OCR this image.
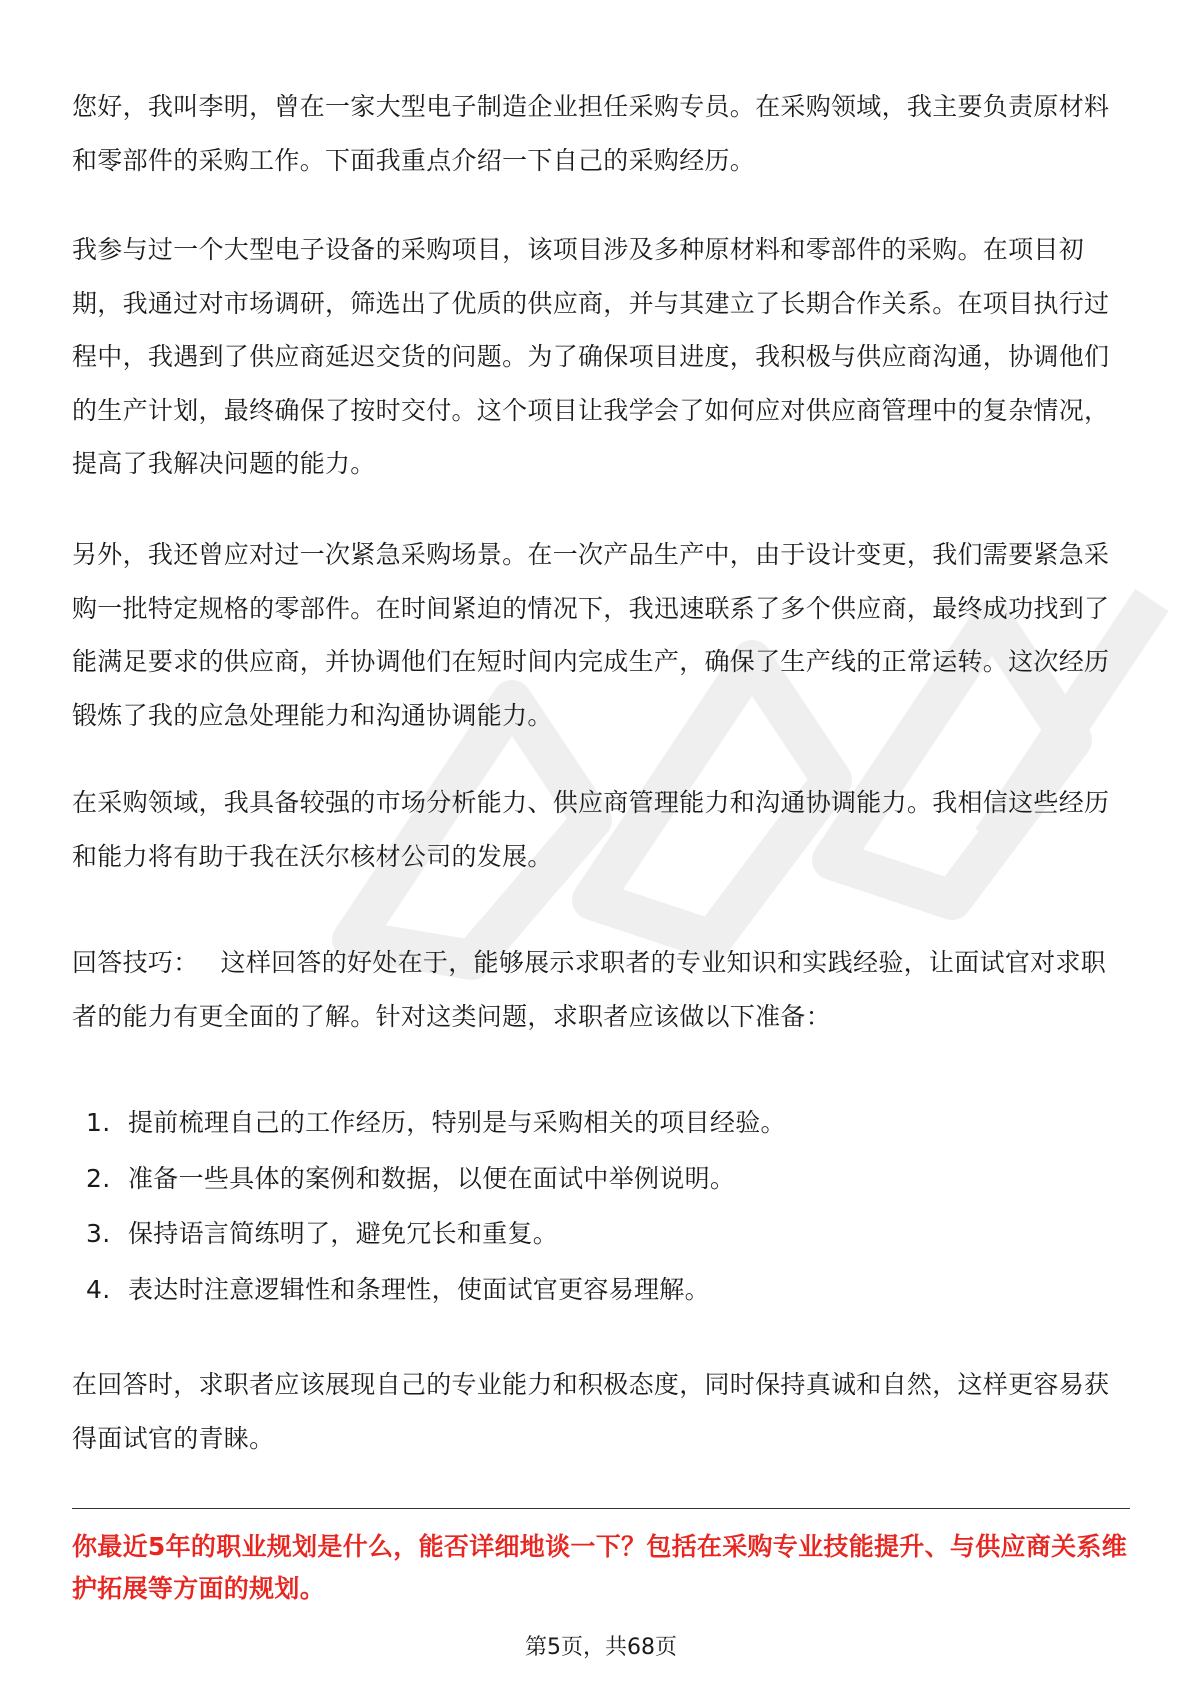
您好，我叫李明，曾在一家大型电子制造企业担任采购专员。在采购领域，我主要负责原材料和零部件的采购工作。下面我重点介绍一下自己的采购经历。

我参与过一个大型电子设备的采购项目，该项目涉及多种原材料和零部件的采购。在项目初期，我通过对市场调研，筛选出了优质的供应商，并与其建立了长期合作关系。在项目执行过程中，我遇到了供应商延迟交货的问题。为了确保项目进度，我积极与供应商沟通，协调他们的生产计划，最终确保了按时交付。这个项目让我学会了如何应对供应商管理中的复杂情况，提高了我解决问题的能力。

另外，我还曾应对过一次紧急采购场景。在一次产品生产中，由于设计变更，我们需要紧急采购一批特定规格的零部件。在时间紧迫的情况下，我迅速联系了多个供应商，最终成功找到了能满足要求的供应商，并协调他们在短时间内完成生产，确保了生产线的正常运转。这次经历锻炼了我的应急处理能力和沟通协调能力。

在采购领域，我具备较强的市场分析能力、供应商管理能力和沟通协调能力。我相信这些经历和能力将有助于我在沃尔核材公司的发展。

回答技巧： 这样回答的好处在于，能够展示求职者的专业知识和实践经验，让面试官对求职者的能力有更全面的了解。针对这类问题，求职者应该做以下准备：

1. 提前梳理自己的工作经历，特别是与采购相关的项目经验。
2. 准备一些具体的案例和数据，以便在面试中举例说明。
3. 保持语言简练明了，避免冗长和重复。
4. 表达时注意逻辑性和条理性，使面试官更容易理解。

在回答时，求职者应该展现自己的专业能力和积极态度，同时保持真诚和自然，这样更容易获得面试官的青睐。

你最近5年的职业规划是什么，能否详细地谈一下？包括在采购专业技能提升、与供应商关系维护拓展等方面的规划。

第5页，共68页
